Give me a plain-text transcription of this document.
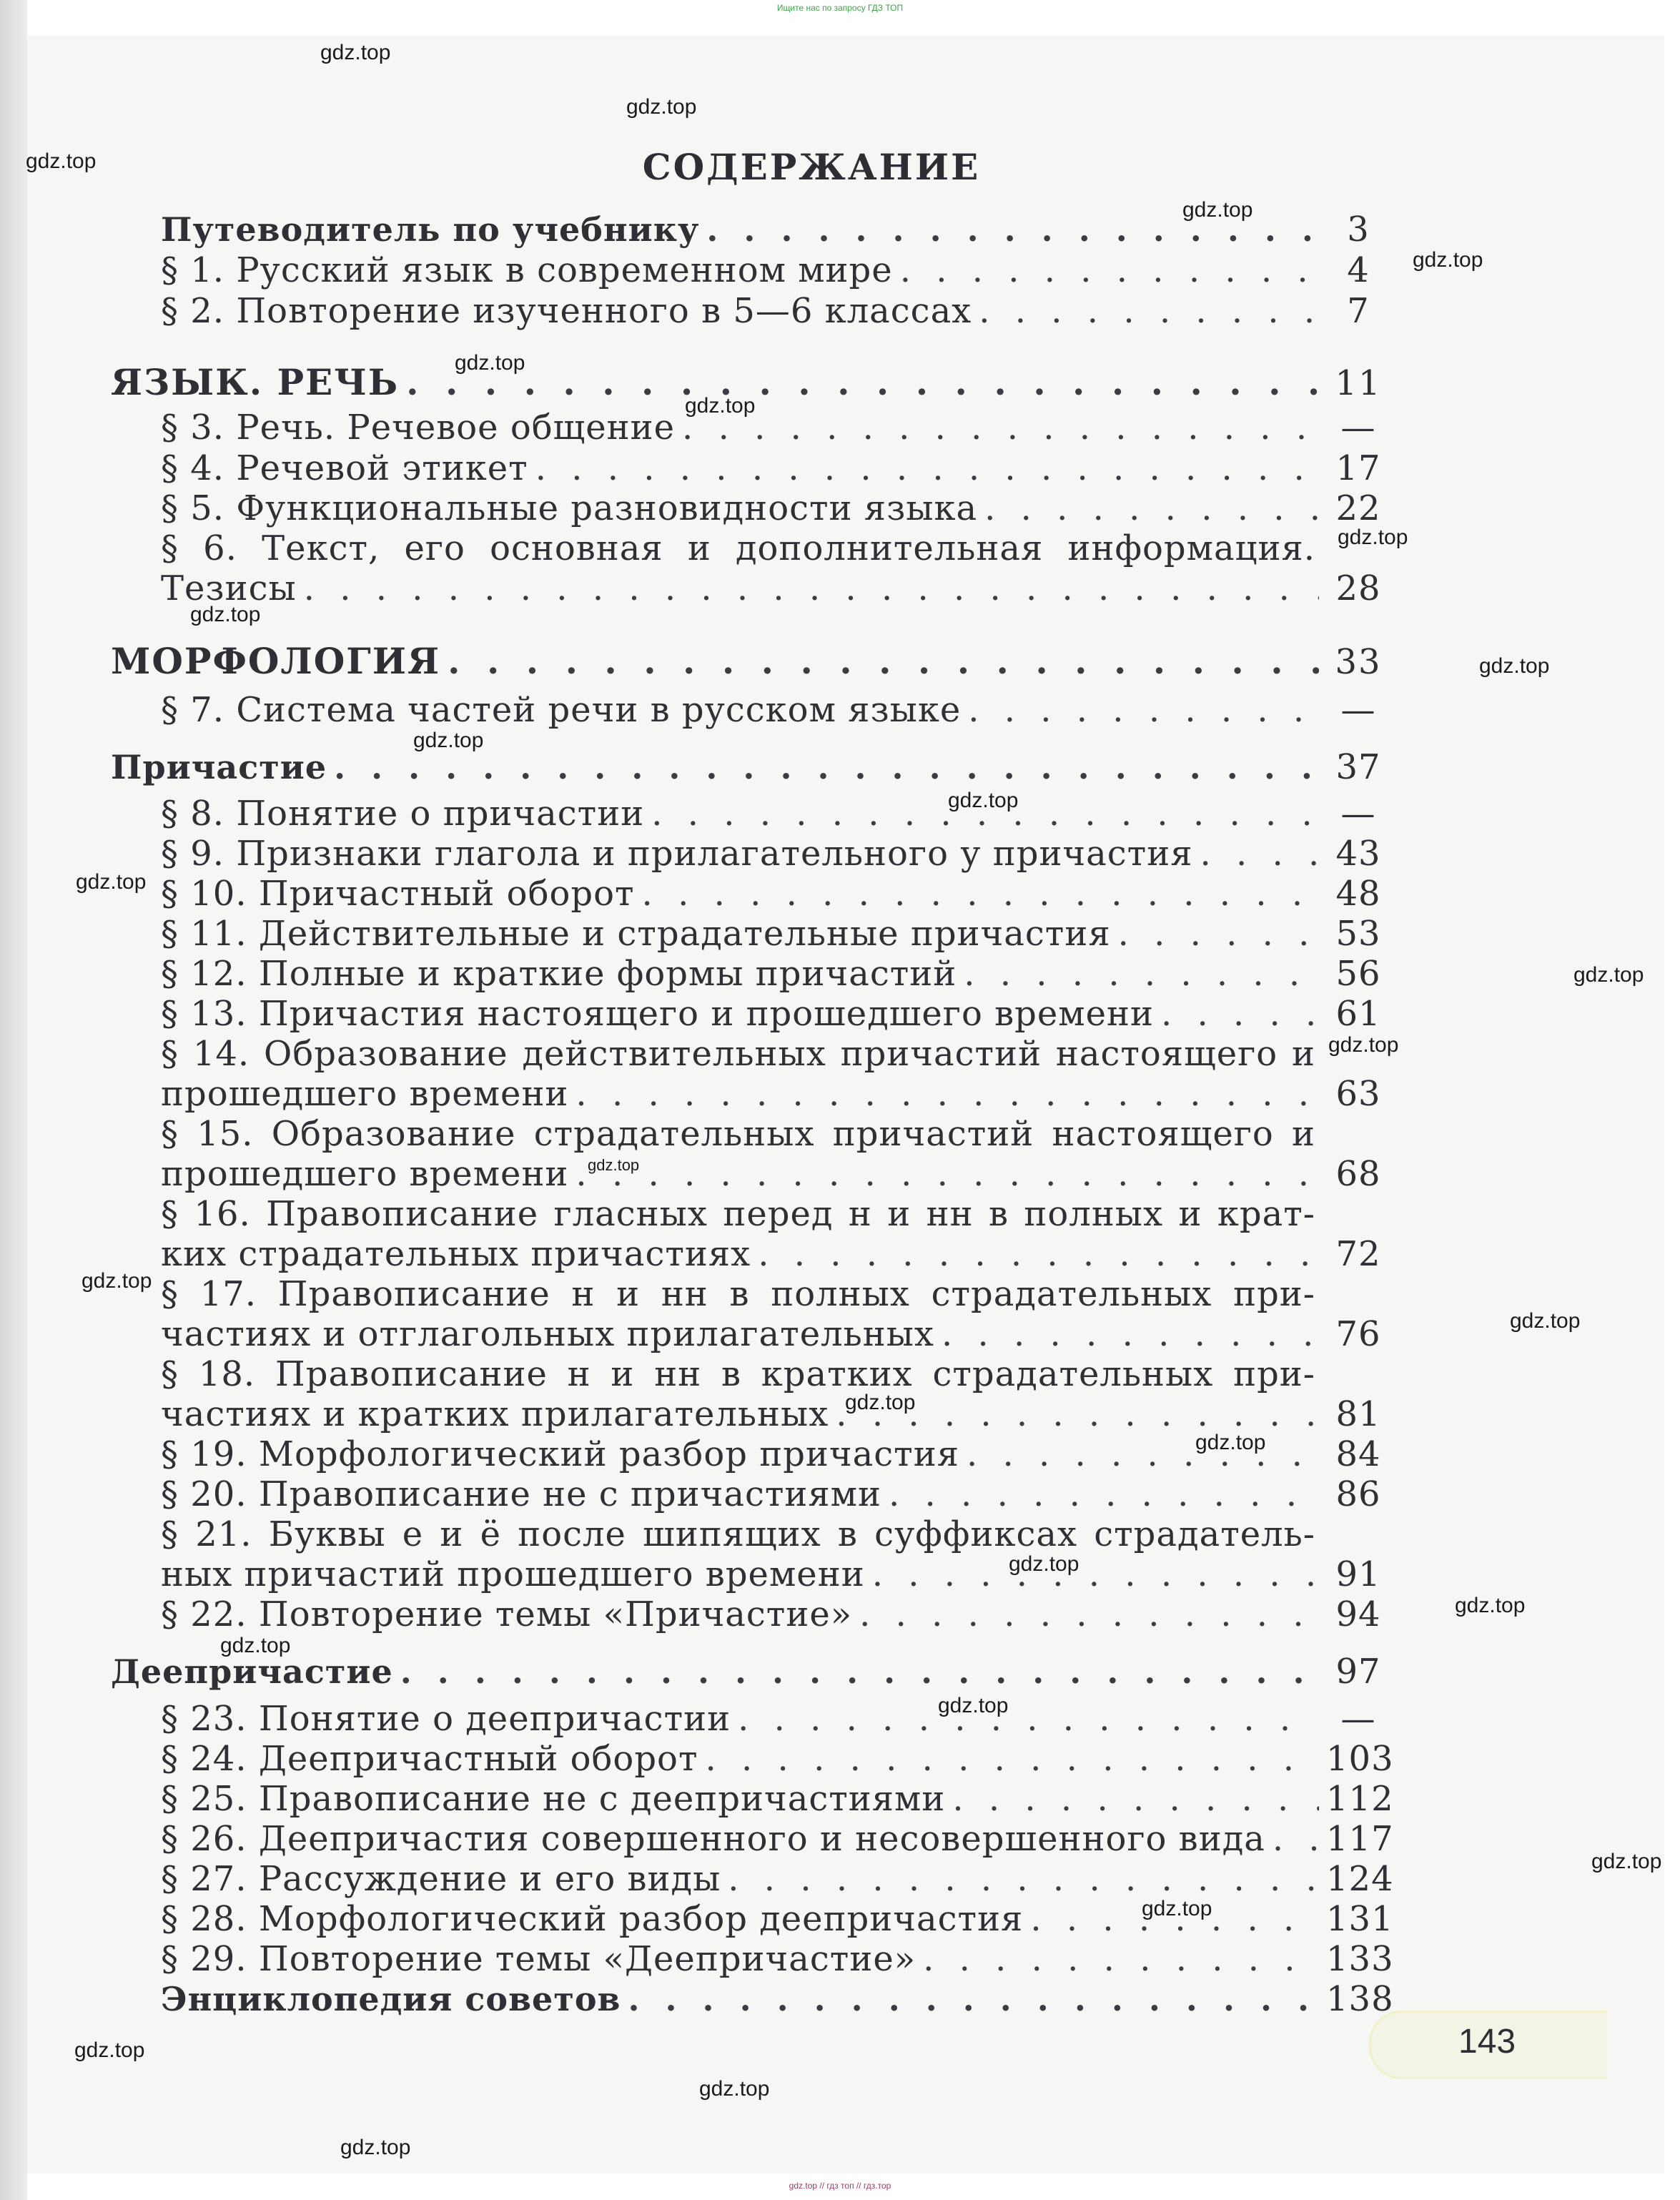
Ищите нас по запросу ГДЗ ТОП
СОДЕРЖАНИЕ
Путеводитель по учебнику . . .	3
§ 1. Русский язык в современном мире . . .	4
§ 2. Повторение изученного в 5—6 классах . . .	7
ЯЗЫК. РЕЧЬ . . .	11
§ 3. Речь. Речевое общение . . .	—
§ 4. Речевой этикет . . .	17
§ 5. Функциональные разновидности языка . . .	22
§ 6. Текст, его основная и дополнительная информация.
Тезисы . . .	28
МОРФОЛОГИЯ . . .	33
§ 7. Система частей речи в русском языке . . .	—
Причастие . . .	37
§ 8. Понятие о причастии . . .	—
§ 9. Признаки глагола и прилагательного у причастия . . .	43
§ 10. Причастный оборот . . .	48
§ 11. Действительные и страдательные причастия . . .	53
§ 12. Полные и краткие формы причастий . . .	56
§ 13. Причастия настоящего и прошедшего времени . . .	61
§ 14. Образование действительных причастий настоящего и
прошедшего времени . . .	63
§ 15. Образование страдательных причастий настоящего и
прошедшего времени . . .	68
§ 16. Правописание гласных перед н и нн в полных и крат-
ких страдательных причастиях . . .	72
§ 17. Правописание н и нн в полных страдательных при-
частиях и отглагольных прилагательных . . .	76
§ 18. Правописание н и нн в кратких страдательных при-
частиях и кратких прилагательных . . .	81
§ 19. Морфологический разбор причастия . . .	84
§ 20. Правописание не с причастиями . . .	86
§ 21. Буквы е и ё после шипящих в суффиксах страдатель-
ных причастий прошедшего времени . . .	91
§ 22. Повторение темы «Причастие» . . .	94
Деепричастие . . .	97
§ 23. Понятие о деепричастии . . .	—
§ 24. Деепричастный оборот . . .	103
§ 25. Правописание не с деепричастиями . . .	112
§ 26. Деепричастия совершенного и несовершенного вида . . . 117
§ 27. Рассуждение и его виды . . .	124
§ 28. Морфологический разбор деепричастия . . .	131
§ 29. Повторение темы «Деепричастие» . . .	133
Энциклопедия советов . . .	138
143
gdz.top
gdz.top
gdz.top
gdz.top
gdz.top
gdz.top
gdz.top
gdz.top
gdz.top
gdz.top
gdz.top
gdz.top
gdz.top
gdz.top
gdz.top
gdz.top
gdz.top
gdz.top
gdz.top
gdz.top
gdz.top
gdz.top
gdz.top
gdz.top
gdz.top
gdz.top
gdz.top
gdz.top
gdz.top
gdz.top // гдз топ // гдз.тор
